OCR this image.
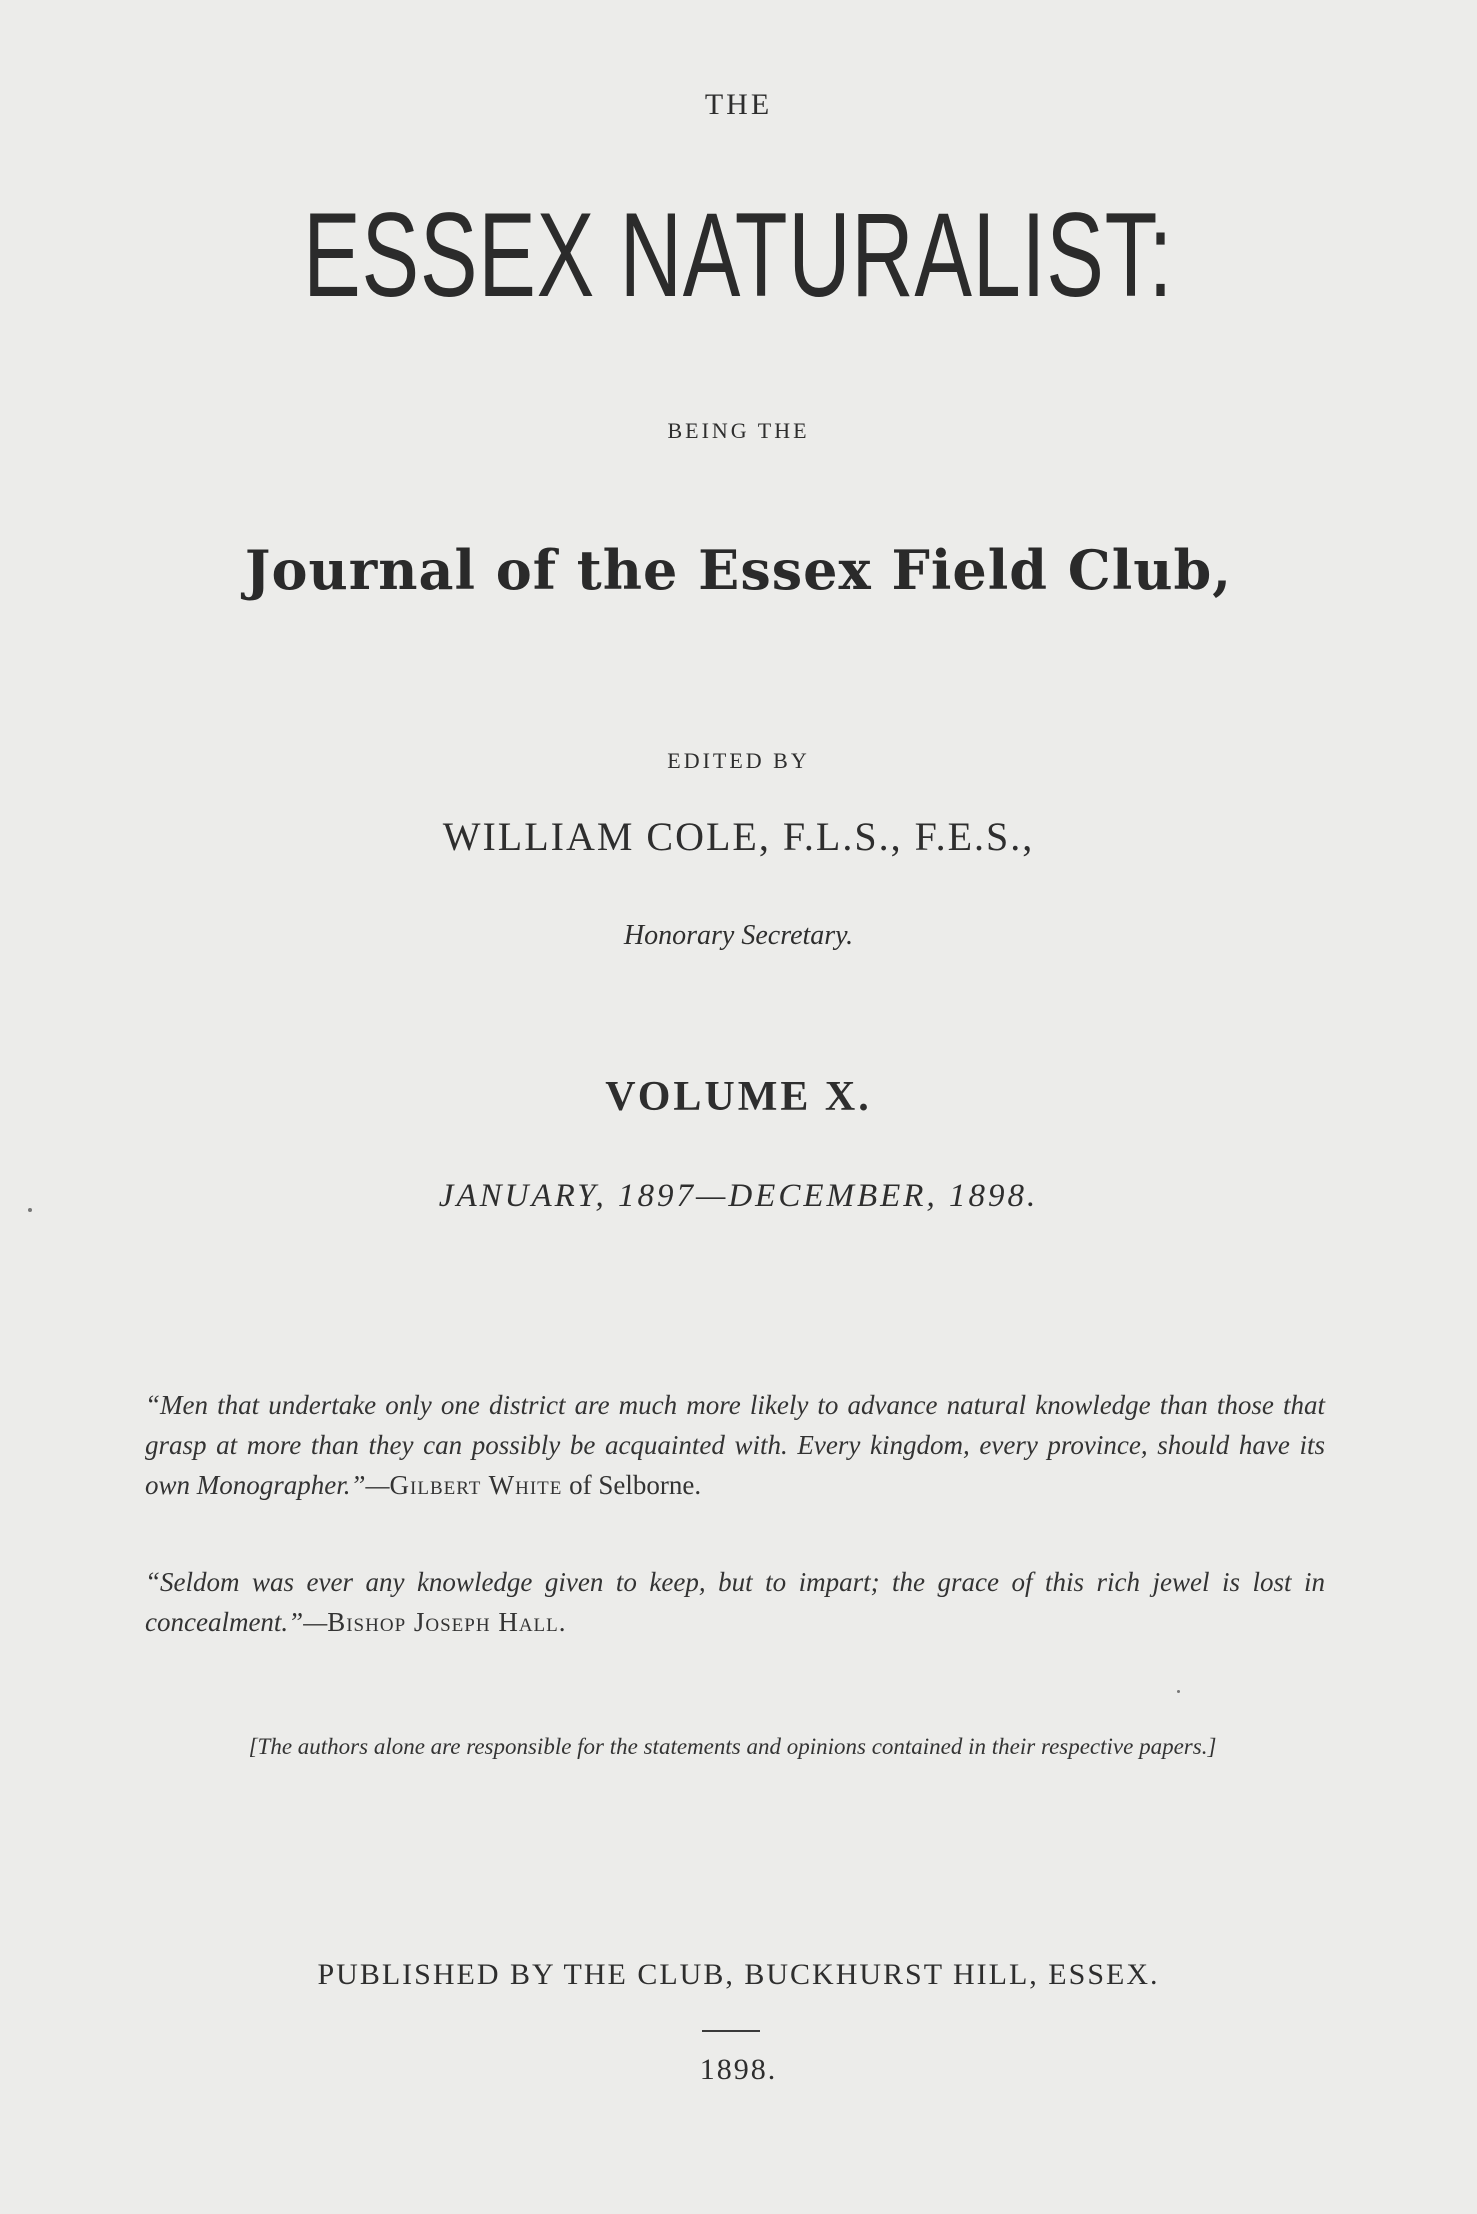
THE
ESSEX NATURALIST:
BEING THE
Journal of the Essex Field Club,
EDITED BY
WILLIAM COLE, F.L.S., F.E.S.,
Honorary Secretary.
VOLUME X.
JANUARY, 1897—DECEMBER, 1898.

“Men that undertake only one district are much more likely to advance natural knowledge than those that grasp at more than they can possibly be acquainted with. Every kingdom, every province, should have its own Monographer.”—Gilbert White of Selborne.

“Seldom was ever any knowledge given to keep, but to impart; the grace of this rich jewel is lost in concealment.”—Bishop Joseph Hall.

[The authors alone are responsible for the statements and opinions contained in their respective papers.]
PUBLISHED BY THE CLUB, BUCKHURST HILL, ESSEX.
1898.
